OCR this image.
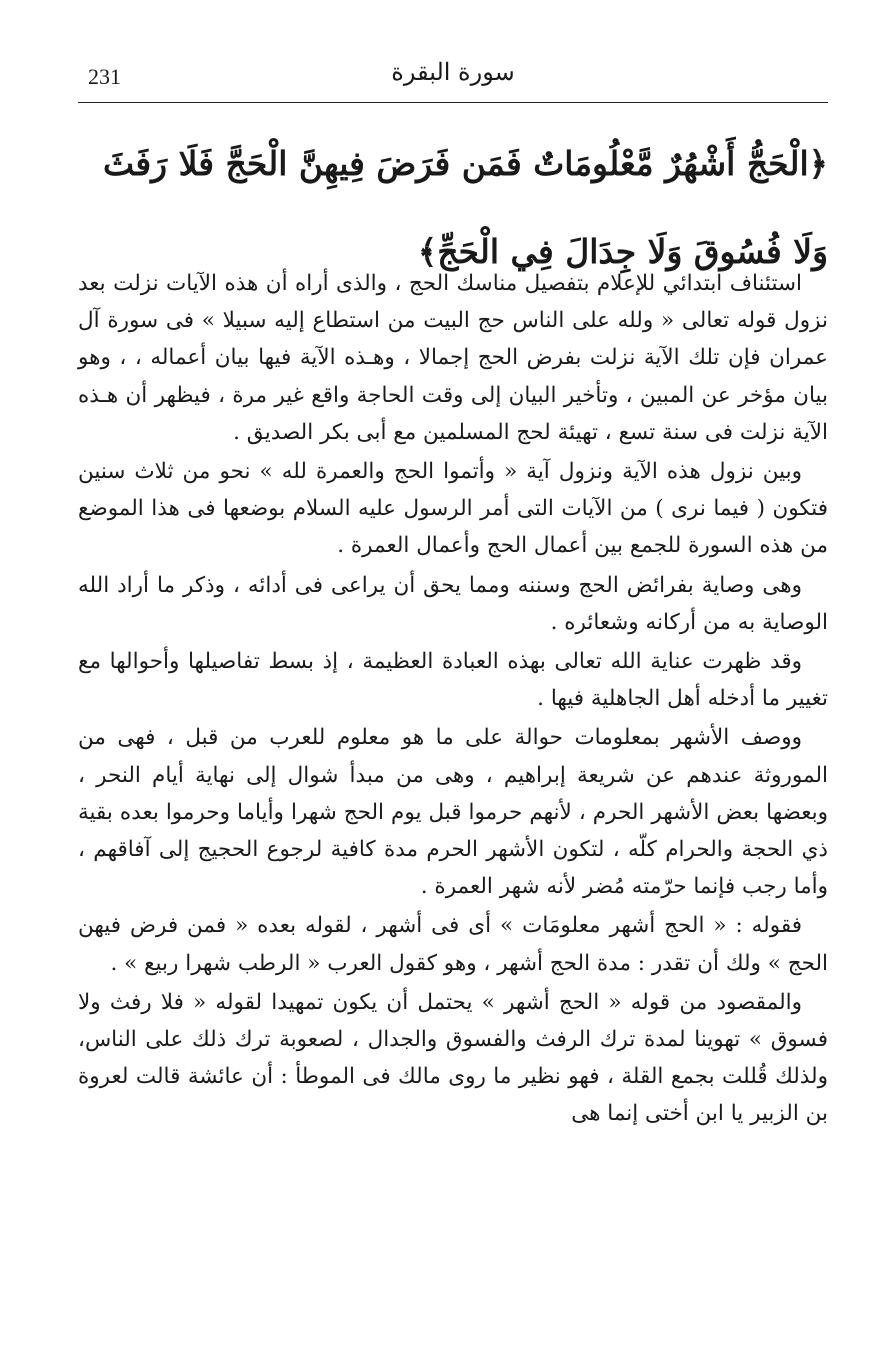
231	سورة البقرة
﴿الْحَجُّ أَشْهُرٌ مَّعْلُومَاتٌ فَمَن فَرَضَ فِيهِنَّ الْحَجَّ فَلَا رَفَثَ وَلَا فُسُوقَ وَلَا جِدَالَ فِي الْحَجِّ﴾

استئناف ابتدائي للإعلام بتفصيل مناسك الحج ، والذى أراه أن هذه الآيات نزلت بعد نزول قوله تعالى « ولله على الناس حج البيت من استطاع إليه سبيلا » فى سورة آل عمران فإن تلك الآية نزلت بفرض الحج إجمالا ، وهـذه الآية فيها بيان أعماله ، ، وهو بيان مؤخر عن المبين ، وتأخير البيان إلى وقت الحاجة واقع غير مرة ، فيظهر أن هـذه الآية نزلت فى سنة تسع ، تهيئة لحج المسلمين مع أبى بكر الصديق .

وبين نزول هذه الآية ونزول آية « وأتموا الحج والعمرة لله » نحو من ثلاث سنين فتكون ( فيما نرى ) من الآيات التى أمر الرسول عليه السلام بوضعها فى هذا الموضع من هذه السورة للجمع بين أعمال الحج وأعمال العمرة .

وهى وصاية بفرائض الحج وسننه ومما يحق أن يراعى فى أدائه ، وذكر ما أراد الله الوصاية به من أركانه وشعائره .

وقد ظهرت عناية الله تعالى بهذه العبادة العظيمة ، إذ بسط تفاصيلها وأحوالها مع تغيير ما أدخله أهل الجاهلية فيها .

ووصف الأشهر بمعلومات حوالة على ما هو معلوم للعرب من قبل ، فهى من الموروثة عندهم عن شريعة إبراهيم ، وهى من مبدأ شوال إلى نهاية أيام النحر ، وبعضها بعض الأشهر الحرم ، لأنهم حرموا قبل يوم الحج شهرا وأياما وحرموا بعده بقية ذي الحجة والحرام كلّه ، لتكون الأشهر الحرم مدة كافية لرجوع الحجيج إلى آفاقهم ، وأما رجب فإنما حرّمته مُضر لأنه شهر العمرة .

فقوله : « الحج أشهر معلومَات » أى فى أشهر ، لقوله بعده « فمن فرض فيهن الحج » ولك أن تقدر : مدة الحج أشهر ، وهو كقول العرب « الرطب شهرا ربيع » .

والمقصود من قوله « الحج أشهر » يحتمل أن يكون تمهيدا لقوله « فلا رفث ولا فسوق » تهوينا لمدة ترك الرفث والفسوق والجدال ، لصعوبة ترك ذلك على الناس، ولذلك قُللت بجمع القلة ، فهو نظير ما روى مالك فى الموطأ : أن عائشة قالت لعروة بن الزبير يا ابن أختى إنما هى
